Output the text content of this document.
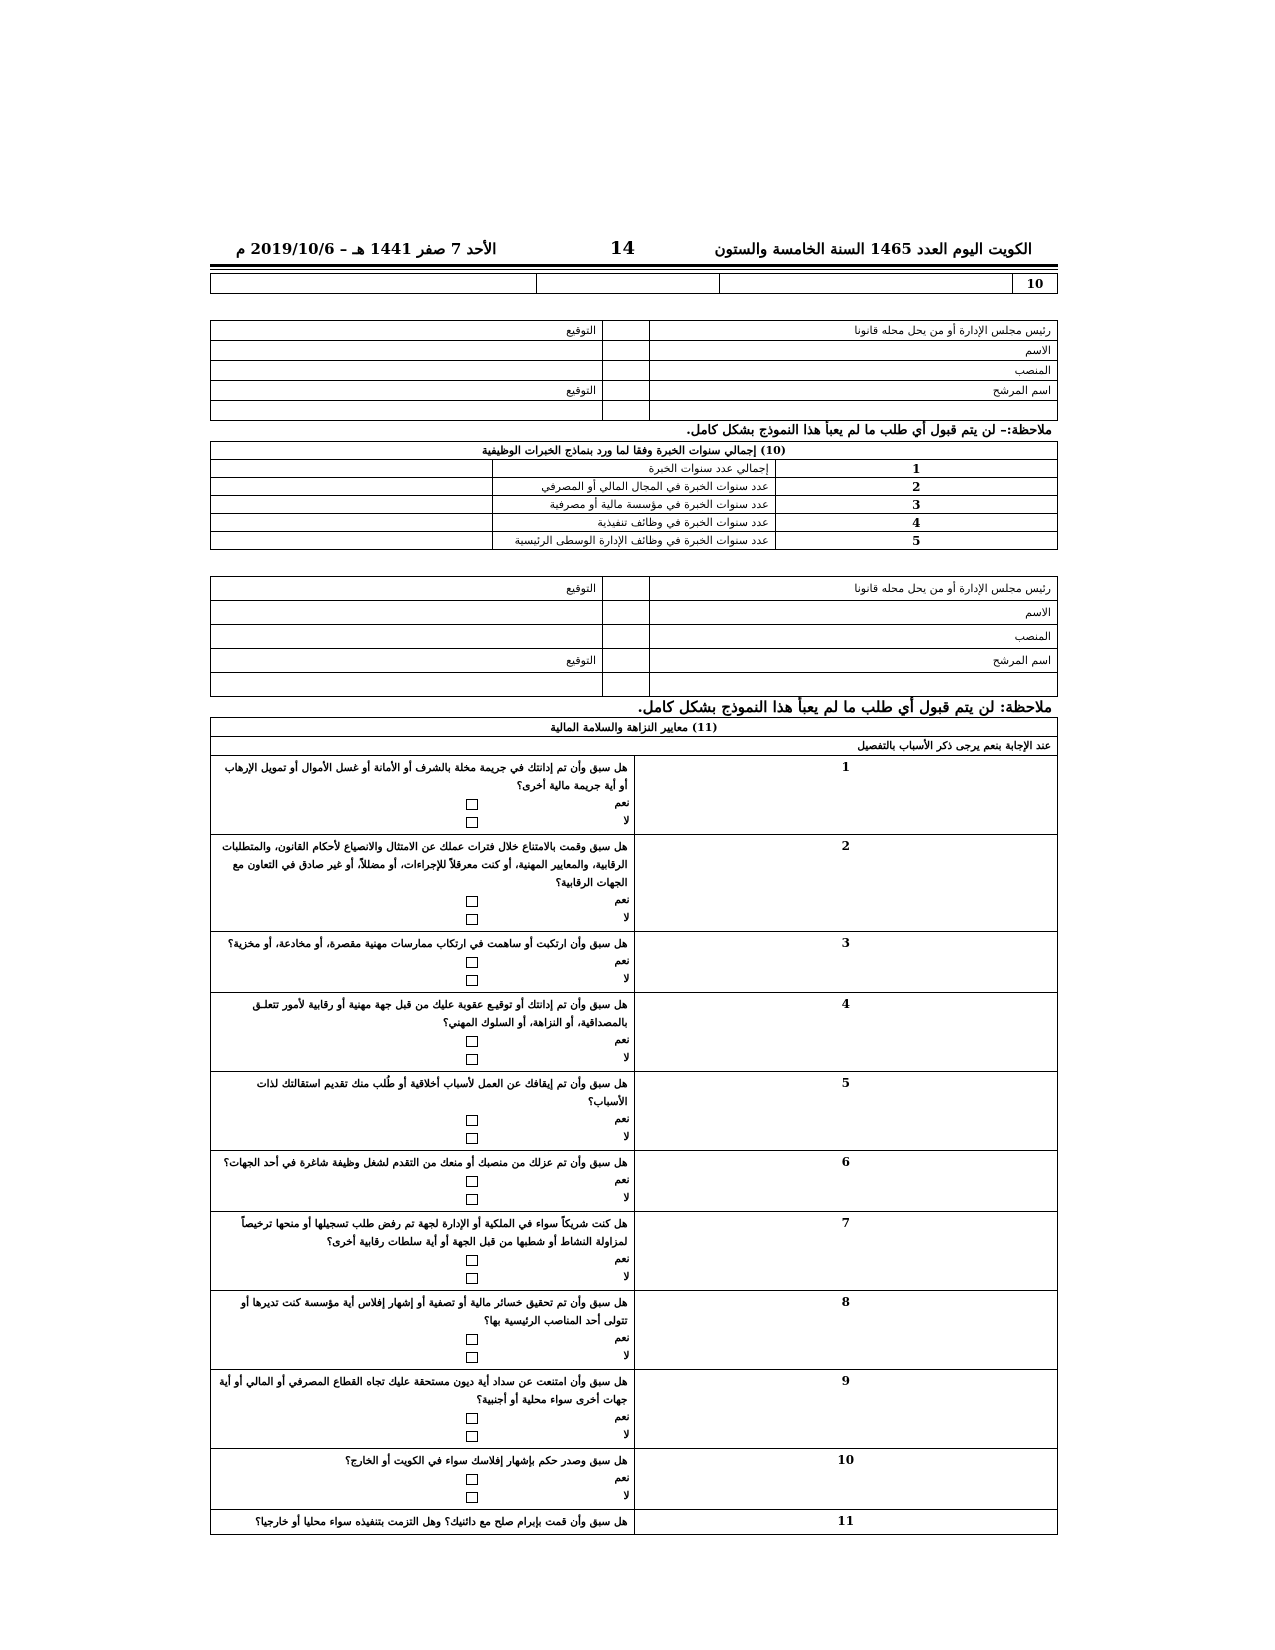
الكويت اليوم العدد 1465 السنة الخامسة والستون
14
الأحد 7 صفر 1441 هـ – 2019/10/6 م
10			
رئيس مجلس الإدارة أو من يحل محله قانونا		التوقيع
الاسم		
المنصب		
اسم المرشح		التوقيع

ملاحظة:– لن يتم قبول أي طلب ما لم يعبأ هذا النموذج بشكل كامل.
(10) إجمالي سنوات الخبرة وفقا لما ورد بنماذج الخبرات الوظيفية		
1	إجمالي عدد سنوات الخبرة	
2	عدد سنوات الخبرة في المجال المالي أو المصرفي	
3	عدد سنوات الخبرة في مؤسسة مالية أو مصرفية	
4	عدد سنوات الخبرة في وظائف تنفيذية	
5	عدد سنوات الخبرة في وظائف الإدارة الوسطى الرئيسية	
رئيس مجلس الإدارة أو من يحل محله قانونا		التوقيع
الاسم		
المنصب		
اسم المرشح		التوقيع

ملاحظة: لن يتم قبول أي طلب ما لم يعبأ هذا النموذج بشكل كامل.
(11) معايير النزاهة والسلامة المالية	
عند الإجابة بنعم يرجى ذكر الأسباب بالتفصيل	
1	هل سبق وأن تم إدانتك في جريمة مخلة بالشرف أو الأمانة أو غسل الأموال أو تمويل الإرهاب أو أية جريمة مالية أخرى؟
نعم
لا

2	هل سبق وقمت بالامتناع خلال فترات عملك عن الامتثال والانصياع لأحكام القانون، والمتطلبات الرقابية، والمعايير المهنية، أو كنت معرقلاً للإجراءات، أو مضللاً، أو غير صادق في التعاون مع الجهات الرقابية؟
نعم
لا

3	هل سبق وأن ارتكبت أو ساهمت في ارتكاب ممارسات مهنية مقصرة، أو مخادعة، أو مخزية؟
نعم
لا

4	هل سبق وأن تم إدانتك أو توقيـع عقوبة عليك من قبل جهة مهنية أو رقابية لأمور تتعلـق بالمصداقية، أو النزاهة، أو السلوك المهني؟
نعم
لا

5	هل سبق وأن تم إيقافك عن العمل لأسباب أخلاقية أو طُلب منك تقديم استقالتك لذات الأسباب؟
نعم
لا

6	هل سبق وأن تم عزلك من منصبك أو منعك من التقدم لشغل وظيفة شاغرة في أحد الجهات؟
نعم
لا

7	هل كنت شريكاً سواء في الملكية أو الإدارة لجهة تم رفض طلب تسجيلها أو منحها ترخيصاً لمزاولة النشاط أو شطبها من قبل الجهة أو أية سلطات رقابية أخرى؟
نعم
لا

8	هل سبق وأن تم تحقيق خسائر مالية أو تصفية أو إشهار إفلاس أية مؤسسة كنت تديرها أو تتولى أحد المناصب الرئيسية بها؟
نعم
لا

9	هل سبق وأن امتنعت عن سداد أية ديون مستحقة عليك تجاه القطاع المصرفي أو المالي أو أية جهات أخرى سواء محلية أو أجنبية؟
نعم
لا

10	هل سبق وصدر حكم بإشهار إفلاسك سواء في الكويت أو الخارج؟
نعم
لا

11	هل سبق وأن قمت بإبرام صلح مع دائنيك؟ وهل التزمت بتنفيذه سواء محليا أو خارجيا؟
